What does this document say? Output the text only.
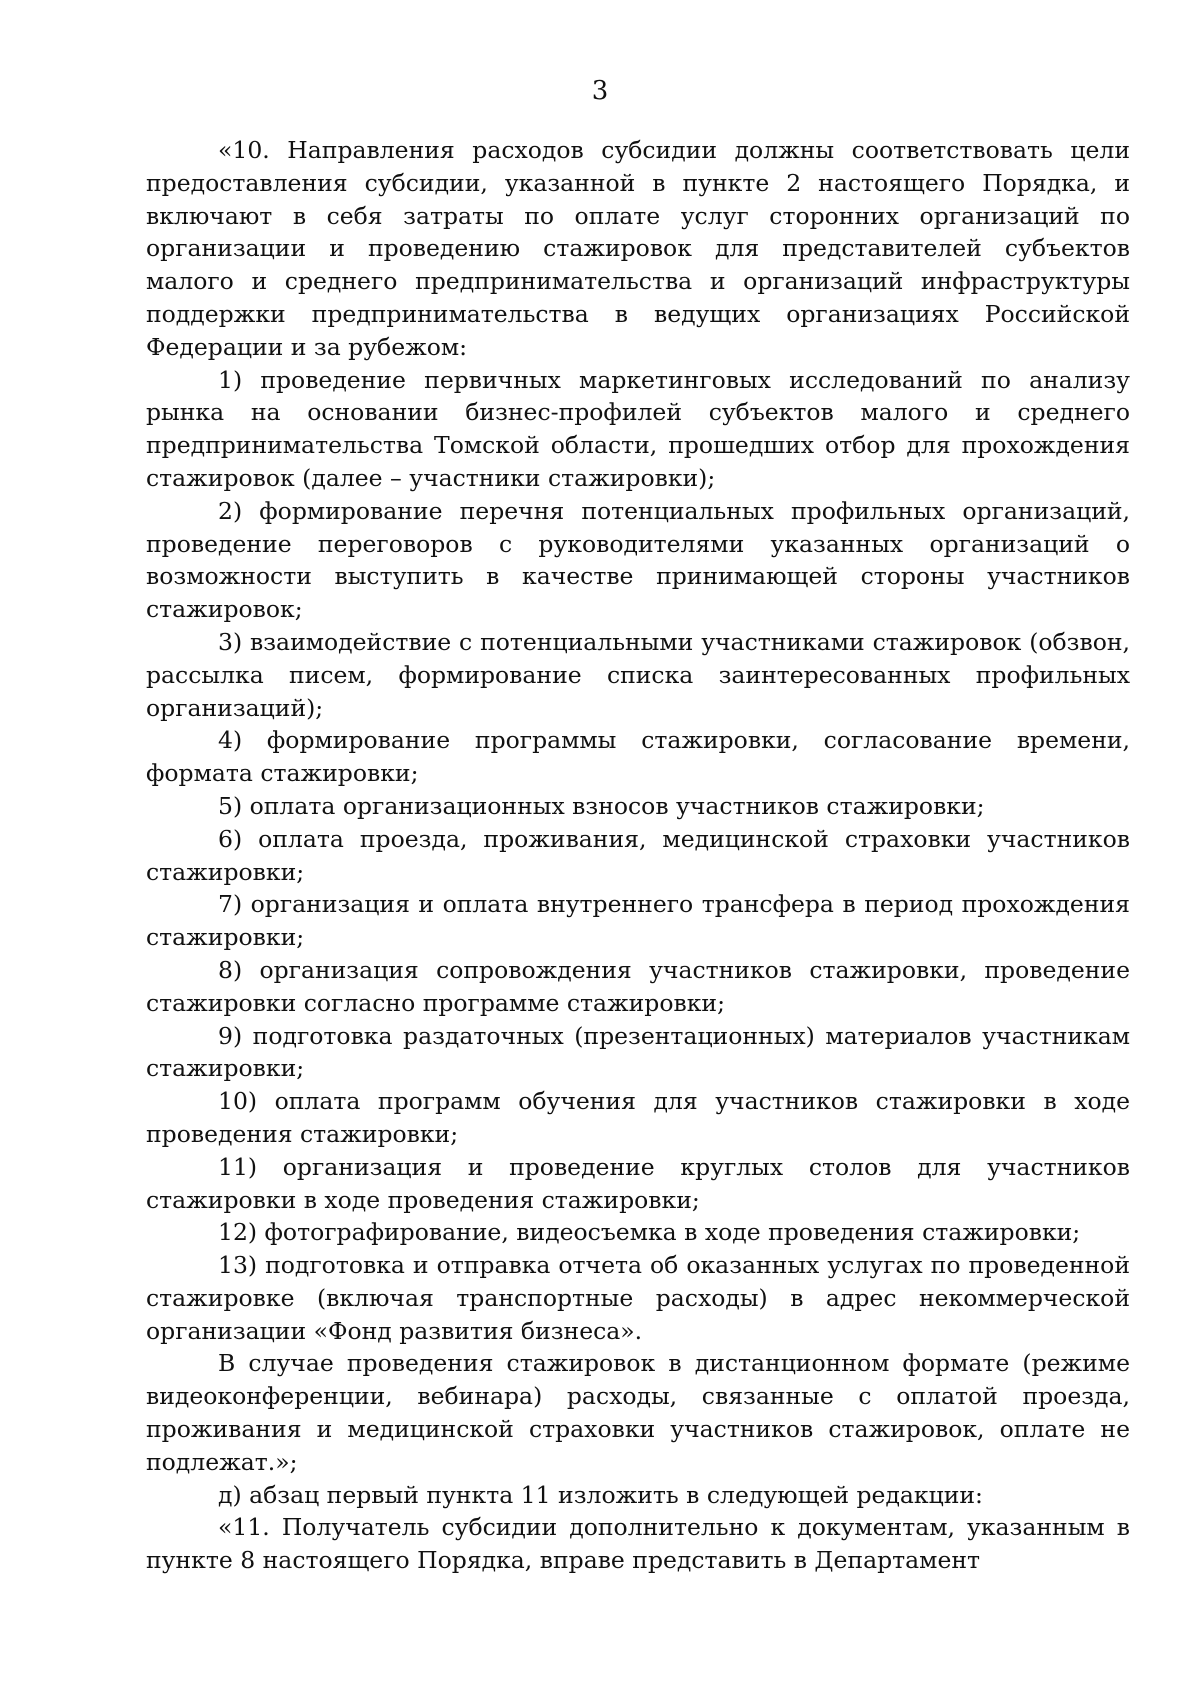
3

«10. Направления расходов субсидии должны соответствовать цели предоставления субсидии, указанной в пункте 2 настоящего Порядка, и включают в себя затраты по оплате услуг сторонних организаций по организации и проведению стажировок для представителей субъектов малого и среднего предпринимательства и организаций инфраструктуры поддержки предпринимательства в ведущих организациях Российской Федерации и за рубежом:

1) проведение первичных маркетинговых исследований по анализу рынка на основании бизнес-профилей субъектов малого и среднего предпринимательства Томской области, прошедших отбор для прохождения стажировок (далее – участники стажировки);

2) формирование перечня потенциальных профильных организаций, проведение переговоров с руководителями указанных организаций о возможности выступить в качестве принимающей стороны участников стажировок;

3) взаимодействие с потенциальными участниками стажировок (обзвон, рассылка писем, формирование списка заинтересованных профильных организаций);

4) формирование программы стажировки, согласование времени, формата стажировки;

5) оплата организационных взносов участников стажировки;

6) оплата проезда, проживания, медицинской страховки участников стажировки;

7) организация и оплата внутреннего трансфера в период прохождения стажировки;

8) организация сопровождения участников стажировки, проведение стажировки согласно программе стажировки;

9) подготовка раздаточных (презентационных) материалов участникам стажировки;

10) оплата программ обучения для участников стажировки в ходе проведения стажировки;

11) организация и проведение круглых столов для участников стажировки в ходе проведения стажировки;

12) фотографирование, видеосъемка в ходе проведения стажировки;

13) подготовка и отправка отчета об оказанных услугах по проведенной стажировке (включая транспортные расходы) в адрес некоммерческой организации «Фонд развития бизнеса».

В случае проведения стажировок в дистанционном формате (режиме видеоконференции, вебинара) расходы, связанные с оплатой проезда, проживания и медицинской страховки участников стажировок, оплате не подлежат.»;

д) абзац первый пункта 11 изложить в следующей редакции:

«11. Получатель субсидии дополнительно к документам, указанным в пункте 8 настоящего Порядка, вправе представить в Департамент
